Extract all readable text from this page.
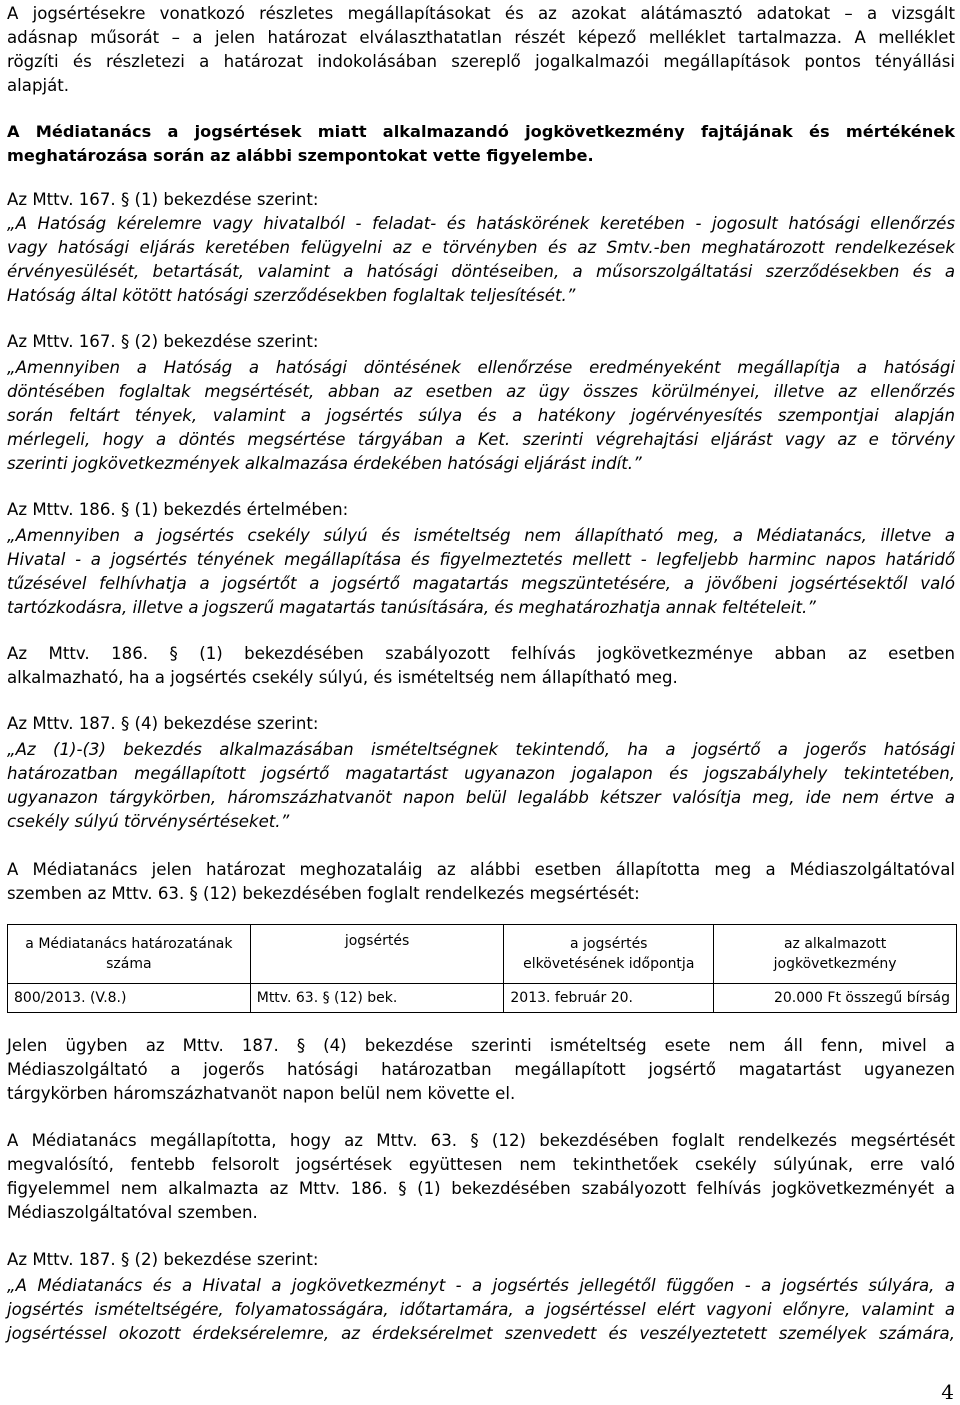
A jogsértésekre vonatkozó részletes megállapításokat és az azokat alátámasztó adatokat – a vizsgált
adásnap műsorát – a jelen határozat elválaszthatatlan részét képező melléklet tartalmazza. A melléklet
rögzíti és részletezi a határozat indokolásában szereplő jogalkalmazói megállapítások pontos tényállási
alapját.

A Médiatanács a jogsértések miatt alkalmazandó jogkövetkezmény fajtájának és mértékének
meghatározása során az alábbi szempontokat vette figyelembe.

Az Mttv. 167. § (1) bekezdése szerint:

„A Hatóság kérelemre vagy hivatalból - feladat- és hatáskörének keretében - jogosult hatósági ellenőrzés
vagy hatósági eljárás keretében felügyelni az e törvényben és az Smtv.-ben meghatározott rendelkezések
érvényesülését, betartását, valamint a hatósági döntéseiben, a műsorszolgáltatási szerződésekben és a
Hatóság által kötött hatósági szerződésekben foglaltak teljesítését.”

Az Mttv. 167. § (2) bekezdése szerint:

„Amennyiben a Hatóság a hatósági döntésének ellenőrzése eredményeként megállapítja a hatósági
döntésében foglaltak megsértését, abban az esetben az ügy összes körülményei, illetve az ellenőrzés
során feltárt tények, valamint a jogsértés súlya és a hatékony jogérvényesítés szempontjai alapján
mérlegeli, hogy a döntés megsértése tárgyában a Ket. szerinti végrehajtási eljárást vagy az e törvény
szerinti jogkövetkezmények alkalmazása érdekében hatósági eljárást indít.”

Az Mttv. 186. § (1) bekezdés értelmében:

„Amennyiben a jogsértés csekély súlyú és ismételtség nem állapítható meg, a Médiatanács, illetve a
Hivatal - a jogsértés tényének megállapítása és figyelmeztetés mellett - legfeljebb harminc napos határidő
tűzésével felhívhatja a jogsértőt a jogsértő magatartás megszüntetésére, a jövőbeni jogsértésektől való
tartózkodásra, illetve a jogszerű magatartás tanúsítására, és meghatározhatja annak feltételeit.”

Az Mttv. 186. § (1) bekezdésében szabályozott felhívás jogkövetkezménye abban az esetben
alkalmazható, ha a jogsértés csekély súlyú, és ismételtség nem állapítható meg.

Az Mttv. 187. § (4) bekezdése szerint:

„Az (1)-(3) bekezdés alkalmazásában ismételtségnek tekintendő, ha a jogsértő a jogerős hatósági
határozatban megállapított jogsértő magatartást ugyanazon jogalapon és jogszabályhely tekintetében,
ugyanazon tárgykörben, háromszázhatvanöt napon belül legalább kétszer valósítja meg, ide nem értve a
csekély súlyú törvénysértéseket.”

A Médiatanács jelen határozat meghozataláig az alábbi esetben állapította meg a Médiaszolgáltatóval
szemben az Mttv. 63. § (12) bekezdésében foglalt rendelkezés megsértését:

a Médiatanács határozatának
száma	jogsértés	a jogsértés
elkövetésének időpontja	az alkalmazott
jogkövetkezmény
800/2013. (V.8.)	Mttv. 63. § (12) bek.	2013. február 20.	20.000 Ft összegű bírság

Jelen ügyben az Mttv. 187. § (4) bekezdése szerinti ismételtség esete nem áll fenn, mivel a
Médiaszolgáltató a jogerős hatósági határozatban megállapított jogsértő magatartást ugyanezen
tárgykörben háromszázhatvanöt napon belül nem követte el.

A Médiatanács megállapította, hogy az Mttv. 63. § (12) bekezdésében foglalt rendelkezés megsértését
megvalósító, fentebb felsorolt jogsértések együttesen nem tekinthetőek csekély súlyúnak, erre való
figyelemmel nem alkalmazta az Mttv. 186. § (1) bekezdésében szabályozott felhívás jogkövetkezményét a
Médiaszolgáltatóval szemben.

Az Mttv. 187. § (2) bekezdése szerint:

„A Médiatanács és a Hivatal a jogkövetkezményt - a jogsértés jellegétől függően - a jogsértés súlyára, a
jogsértés ismételtségére, folyamatosságára, időtartamára, a jogsértéssel elért vagyoni előnyre, valamint a
jogsértéssel okozott érdeksérelemre, az érdeksérelmet szenvedett és veszélyeztetett személyek számára,

4
